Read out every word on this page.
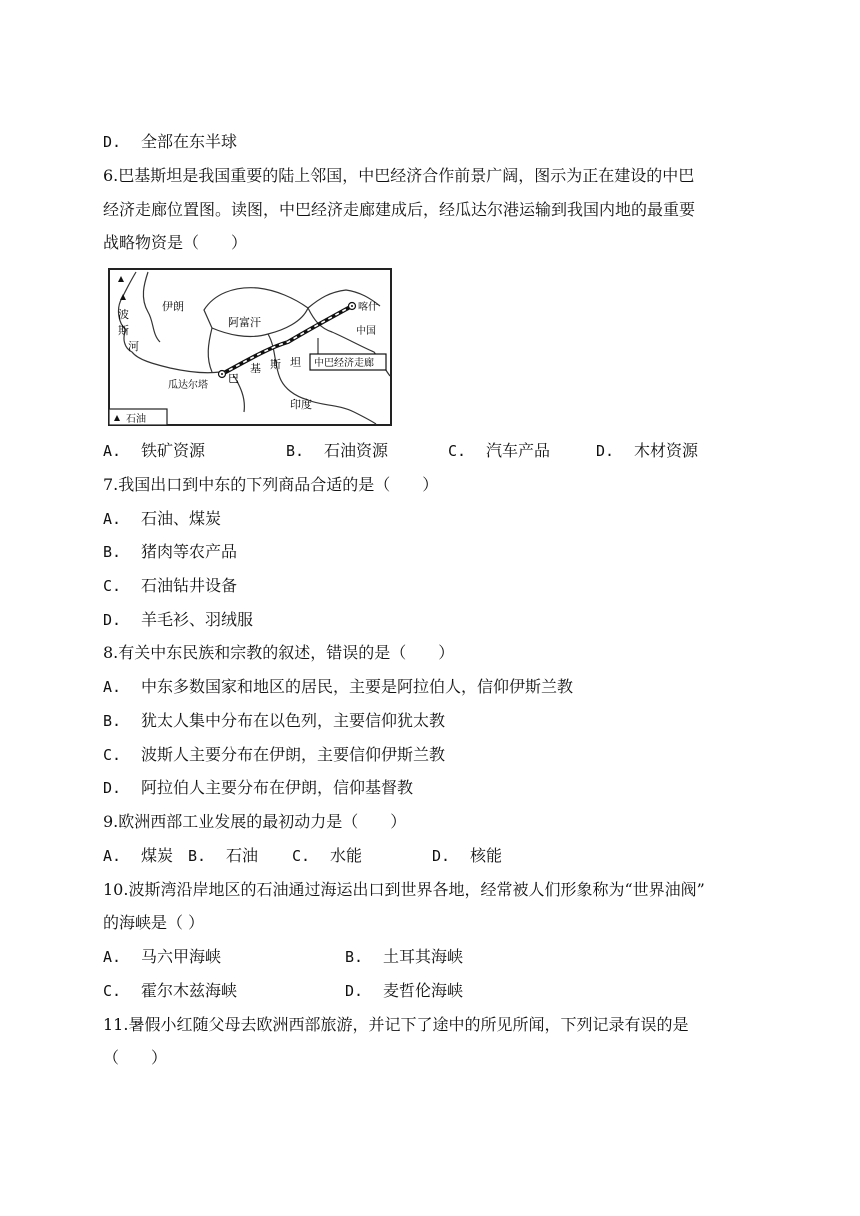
D. 全部在东半球
6.巴基斯坦是我国重要的陆上邻国，中巴经济合作前景广阔，图示为正在建设的中巴
经济走廊位置图。读图，中巴经济走廊建成后，经瓜达尔港运输到我国内地的最重要
战略物资是（　　）
伊朗
阿富汗
喀什
中国
波
斯
河
中巴经济走廊
瓜达尔塔
巴
基 斯 坦
印度
石油
A. 铁矿资源	B. 石油资源	C. 汽车产品	D. 木材资源
7.我国出口到中东的下列商品合适的是（　　）
A. 石油、煤炭
B. 猪肉等农产品
C. 石油钻井设备
D. 羊毛衫、羽绒服
8.有关中东民族和宗教的叙述，错误的是（　　）
A. 中东多数国家和地区的居民，主要是阿拉伯人，信仰伊斯兰教
B. 犹太人集中分布在以色列，主要信仰犹太教
C. 波斯人主要分布在伊朗，主要信仰伊斯兰教
D. 阿拉伯人主要分布在伊朗，信仰基督教
9.欧洲西部工业发展的最初动力是（　　）
A. 煤炭 B. 石油 C. 水能	D. 核能
10.波斯湾沿岸地区的石油通过海运出口到世界各地，经常被人们形象称为“世界油阀”
的海峡是（ ）
A. 马六甲海峡	B. 土耳其海峡
C. 霍尔木兹海峡	D. 麦哲伦海峡
11.暑假小红随父母去欧洲西部旅游，并记下了途中的所见所闻，下列记录有误的是
（　　）
